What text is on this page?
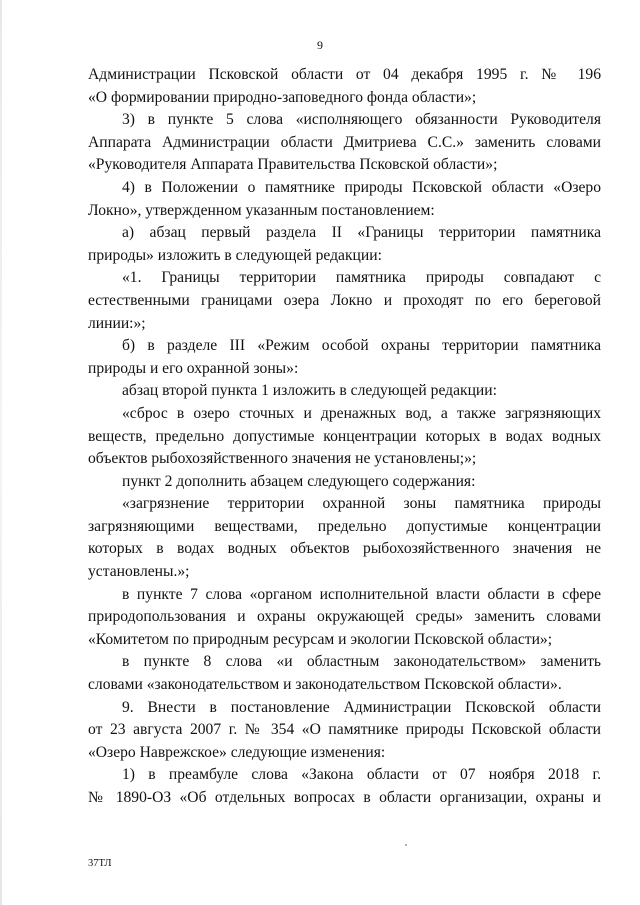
9
Администрации Псковской области от 04 декабря 1995 г. № 196
«О формировании природно-заповедного фонда области»;
3) в пункте 5 слова «исполняющего обязанности Руководителя
Аппарата Администрации области Дмитриева С.С.» заменить словами
«Руководителя Аппарата Правительства Псковской области»;
4) в Положении о памятнике природы Псковской области «Озеро
Локно», утвержденном указанным постановлением:
а) абзац первый раздела II «Границы территории памятника
природы» изложить в следующей редакции:
«1. Границы территории памятника природы совпадают с
естественными границами озера Локно и проходят по его береговой
линии:»;
б) в разделе III «Режим особой охраны территории памятника
природы и его охранной зоны»:
абзац второй пункта 1 изложить в следующей редакции:
«сброс в озеро сточных и дренажных вод, а также загрязняющих
веществ, предельно допустимые концентрации которых в водах водных
объектов рыбохозяйственного значения не установлены;»;
пункт 2 дополнить абзацем следующего содержания:
«загрязнение территории охранной зоны памятника природы
загрязняющими веществами, предельно допустимые концентрации
которых в водах водных объектов рыбохозяйственного значения не
установлены.»;
в пункте 7 слова «органом исполнительной власти области в сфере
природопользования и охраны окружающей среды» заменить словами
«Комитетом по природным ресурсам и экологии Псковской области»;
в пункте 8 слова «и областным законодательством» заменить
словами «законодательством и законодательством Псковской области».
9. Внести в постановление Администрации Псковской области
от 23 августа 2007 г. № 354 «О памятнике природы Псковской области
«Озеро Наврежское» следующие изменения:
1) в преамбуле слова «Закона области от 07 ноября 2018 г.
№ 1890-ОЗ «Об отдельных вопросах в области организации, охраны и
37ТЛ
